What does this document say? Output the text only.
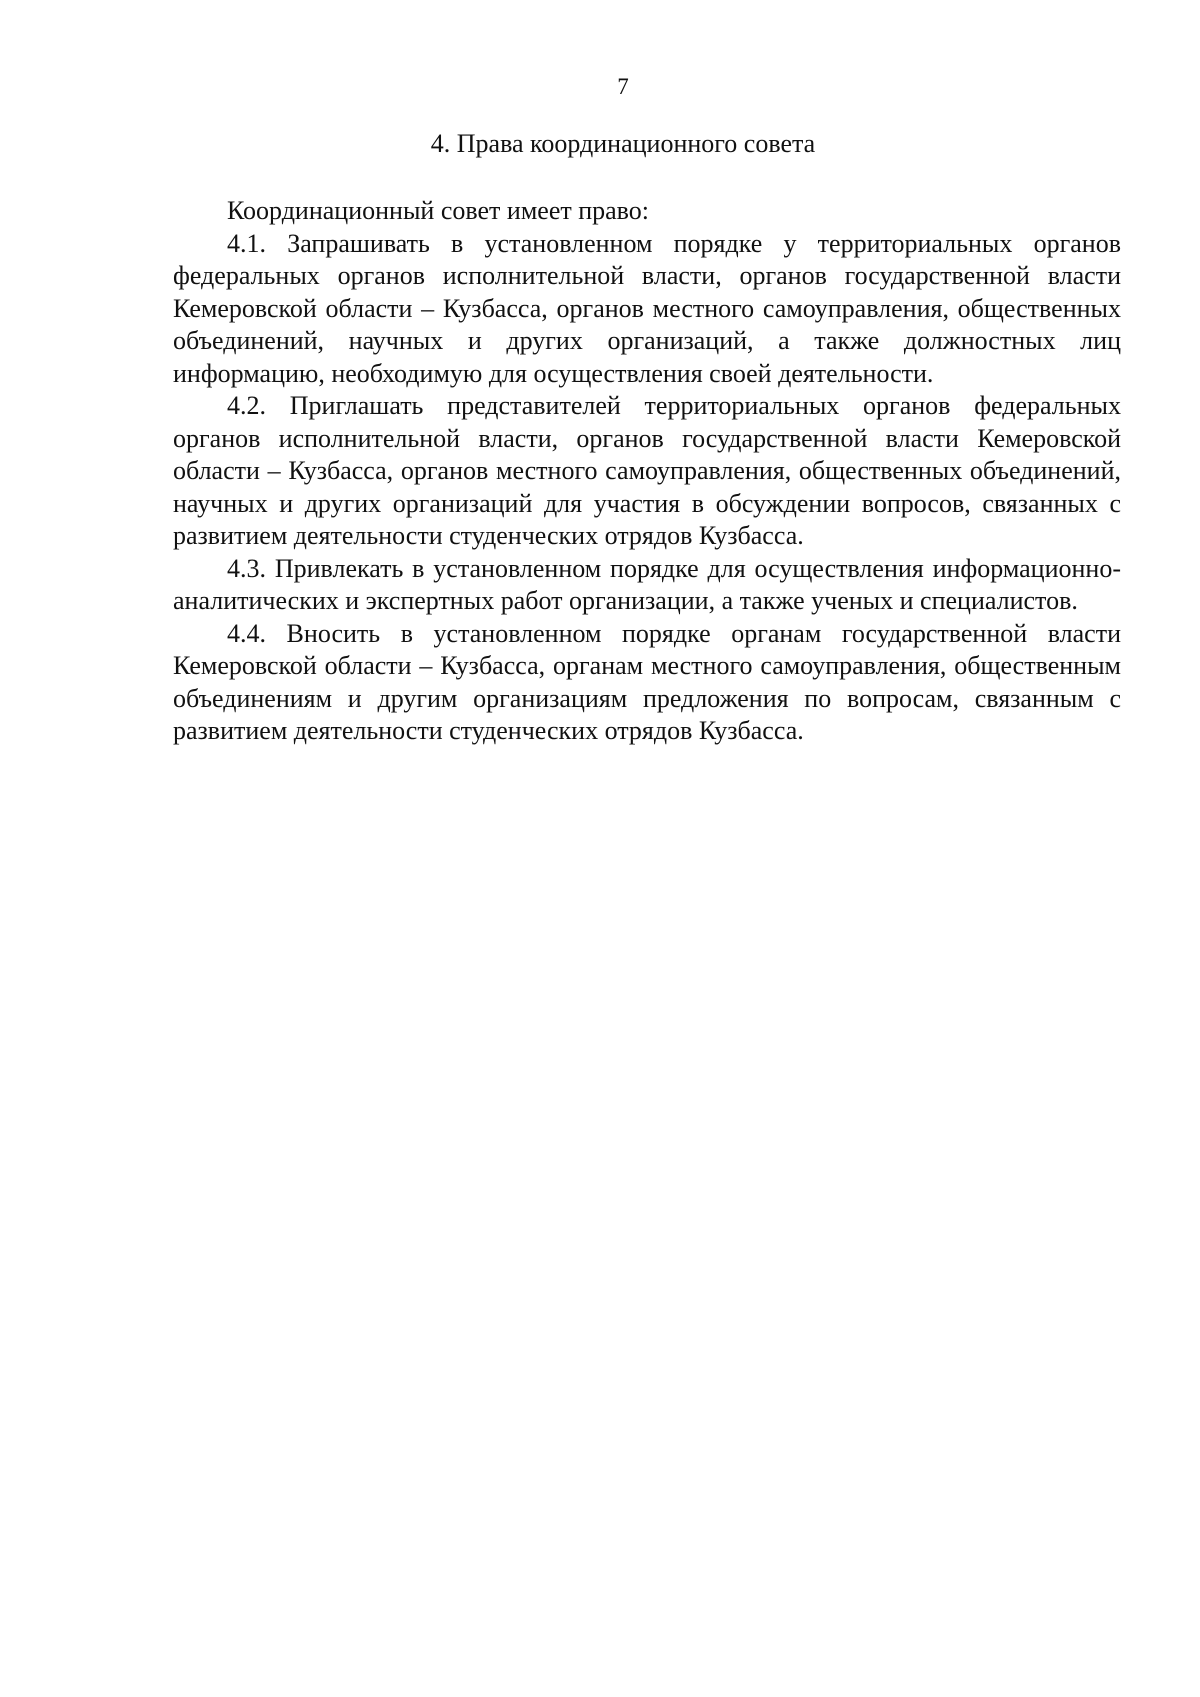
7
4. Права координационного совета

Координационный совет имеет право:

4.1. Запрашивать в установленном порядке у территориальных органов федеральных органов исполнительной власти, органов государственной власти Кемеровской области – Кузбасса, органов местного самоуправления, общественных объединений, научных и других организаций, а также должностных лиц информацию, необходимую для осуществления своей деятельности.

4.2. Приглашать представителей территориальных органов федеральных органов исполнительной власти, органов государственной власти Кемеровской области – Кузбасса, органов местного самоуправления, общественных объединений, научных и других организаций для участия в обсуждении вопросов, связанных с развитием деятельности студенческих отрядов Кузбасса.

4.3. Привлекать в установленном порядке для осуществления информационно-аналитических и экспертных работ организации, а также ученых и специалистов.

4.4. Вносить в установленном порядке органам государственной власти Кемеровской области – Кузбасса, органам местного самоуправления, общественным объединениям и другим организациям предложения по вопросам, связанным с развитием деятельности студенческих отрядов Кузбасса.
